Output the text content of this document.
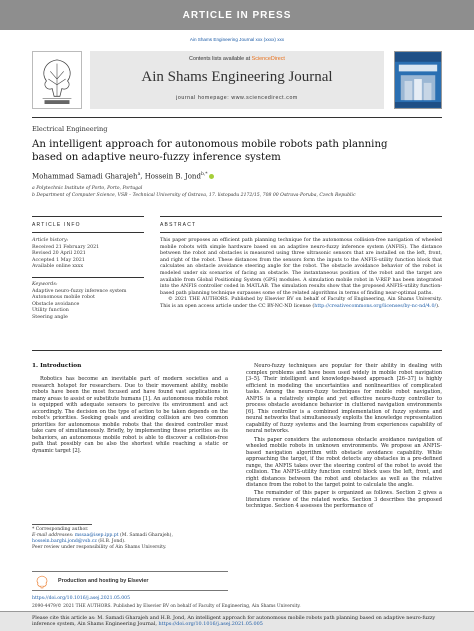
ARTICLE IN PRESS
Ain Shams Engineering Journal xxx (xxxx) xxx
Contents lists available at ScienceDirect
Ain Shams Engineering Journal
journal homepage: www.sciencedirect.com
Electrical Engineering
An intelligent approach for autonomous mobile robots path planning
based on adaptive neuro-fuzzy inference system
Mohammad Samadi Gharajeh$^a$, Hossein B. Jond$^{b,*}$
a Polytechnic Institute of Porto, Porto, Portugal
b Department of Computer Science, VSB – Technical University of Ostrava, 17. listopadu 2172/15, 708 00 Ostrava-Poruba, Czech Republic
ARTICLE INFO	ABSTRACT
Article history:
Received 21 February 2021
Revised 20 April 2021
Accepted 1 May 2021
Available online xxxx
Keywords:
Adaptive neuro-fuzzy inference system
Autonomous mobile robot
Obstacle avoidance
Utility function
Steering angle
This paper proposes an efficient path planning technique for the autonomous collision-free navigation of wheeled mobile robots with simple hardware based on an adaptive neuro-fuzzy inference system (ANFIS). The distance between the robot and obstacles is measured using three ultrasonic sensors that are installed on the left, front, and right of the robot. These distances from the sensors form the inputs to the ANFIS-utility function block that calculates an obstacle avoidance steering angle for the robot. The obstacle avoidance behavior of the robot is modeled under six scenarios of facing an obstacle. The instantaneous position of the robot and the target are available from Global Positioning System (GPS) modules. A simulation mobile robot in V-REP has been integrated into the ANFIS controller coded in MATLAB. The simulation results show that the proposed ANFIS-utility function-based path planning technique surpasses some of the related algorithms in terms of finding near-optimal paths.
© 2021 THE AUTHORS. Published by Elsevier BV on behalf of Faculty of Engineering, Ain Shams University. This is an open access article under the CC BY-NC-ND license (http://creativecommons.org/licenses/by-nc-nd/4.0/).
1. Introduction

Robotics has become an inevitable part of modern societies and a research hotspot for researchers. Due to their movement ability, mobile robots have been the most focused and have found vast applications in many areas to assist or substitute humans [1]. An autonomous mobile robot is equipped with adequate sensors to perceive its environment and act accordingly. The decision on the type of action to be taken depends on the robot's priorities. Seeking goals and avoiding collision are two common priorities for autonomous mobile robots that the desired controller must take care of simultaneously. Briefly, by implementing these priorities as its behaviors, an autonomous mobile robot is able to discover a collision-free path that possibly can be also the shortest while reaching a static or dynamic target [2].

Neuro-fuzzy techniques are popular for their ability in dealing with complex problems and have been used widely in mobile robot navigation [3–5]. Their intelligent and knowledge-based approach [26–37] is highly efficient in modeling the uncertainties and nonlinearities of complicated tasks. Among the neuro-fuzzy techniques for mobile robot navigation, ANFIS is a relatively simple and yet effective neuro-fuzzy controller to process obstacle avoidance behavior in cluttered navigation environments [6]. This controller is a combined implementation of fuzzy systems and neural networks that simultaneously exploits the knowledge representation capability of fuzzy systems and the learning from experiences capability of neural networks.

This paper considers the autonomous obstacle avoidance navigation of wheeled mobile robots in unknown environments. We propose an ANFIS-based navigation algorithm with obstacle avoidance capability. While approaching the target, if the robot detects any obstacles in a pre-defined range, the ANFIS takes over the steering control of the robot to avoid the collision. The ANFIS-utility function control block uses the left, front, and right distances between the robot and obstacles as well as the relative distance from the robot to the target point to calculate the angle.

The remainder of this paper is organized as follows. Section 2 gives a literature review of the related works. Section 3 describes the proposed technique. Section 4 assesses the performance of

* Corresponding author.
E-mail addresses: mssaa@isep.ipp.pt (M. Samadi Gharajeh), hossein.barghi.jond@vsb.cz (H.B. Jond).
Peer review under responsibility of Ain Shams University.
Production and hosting by Elsevier
https://doi.org/10.1016/j.asej.2021.05.005
2090-4479/© 2021 THE AUTHORS. Published by Elsevier BV on behalf of Faculty of Engineering, Ain Shams University.
Please cite this article as: M. Samadi Gharajeh and H.B. Jond, An intelligent approach for autonomous mobile robots path planning based on adaptive neuro-fuzzy inference system, Ain Shams Engineering Journal, https://doi.org/10.1016/j.asej.2021.05.005
